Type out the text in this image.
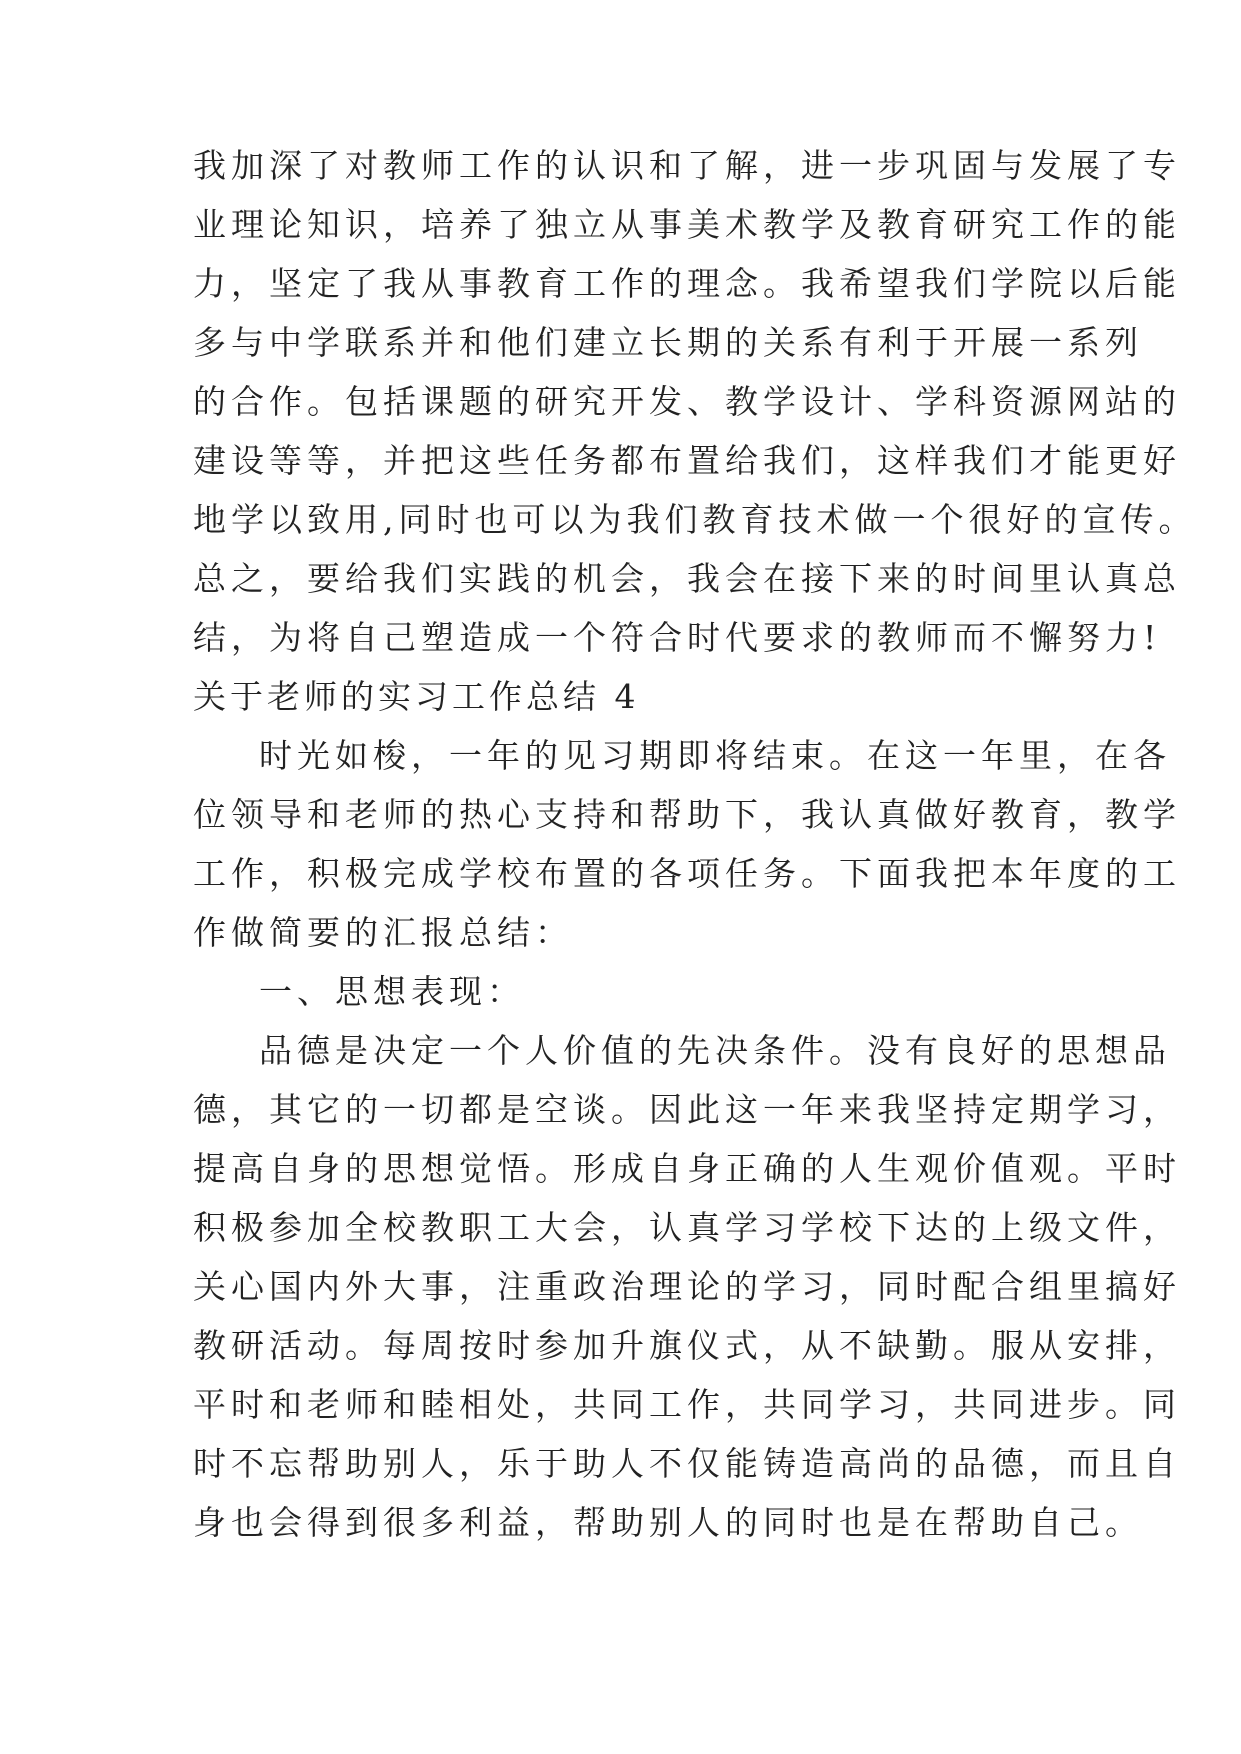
我加深了对教师工作的认识和了解，进一步巩固与发展了专
业理论知识，培养了独立从事美术教学及教育研究工作的能
力，坚定了我从事教育工作的理念。我希望我们学院以后能
多与中学联系并和他们建立长期的关系有利于开展一系列
的合作。包括课题的研究开发、教学设计、学科资源网站的
建设等等，并把这些任务都布置给我们，这样我们才能更好
地学以致用,同时也可以为我们教育技术做一个很好的宣传。
总之，要给我们实践的机会，我会在接下来的时间里认真总
结，为将自己塑造成一个符合时代要求的教师而不懈努力!
关于老师的实习工作总结 4
时光如梭，一年的见习期即将结束。在这一年里，在各
位领导和老师的热心支持和帮助下，我认真做好教育，教学
工作，积极完成学校布置的各项任务。下面我把本年度的工
作做简要的汇报总结：
一、思想表现：
品德是决定一个人价值的先决条件。没有良好的思想品
德，其它的一切都是空谈。因此这一年来我坚持定期学习，
提高自身的思想觉悟。形成自身正确的人生观价值观。平时
积极参加全校教职工大会，认真学习学校下达的上级文件，
关心国内外大事，注重政治理论的学习，同时配合组里搞好
教研活动。每周按时参加升旗仪式，从不缺勤。服从安排，
平时和老师和睦相处，共同工作，共同学习，共同进步。同
时不忘帮助别人，乐于助人不仅能铸造高尚的品德，而且自
身也会得到很多利益，帮助别人的同时也是在帮助自己。
